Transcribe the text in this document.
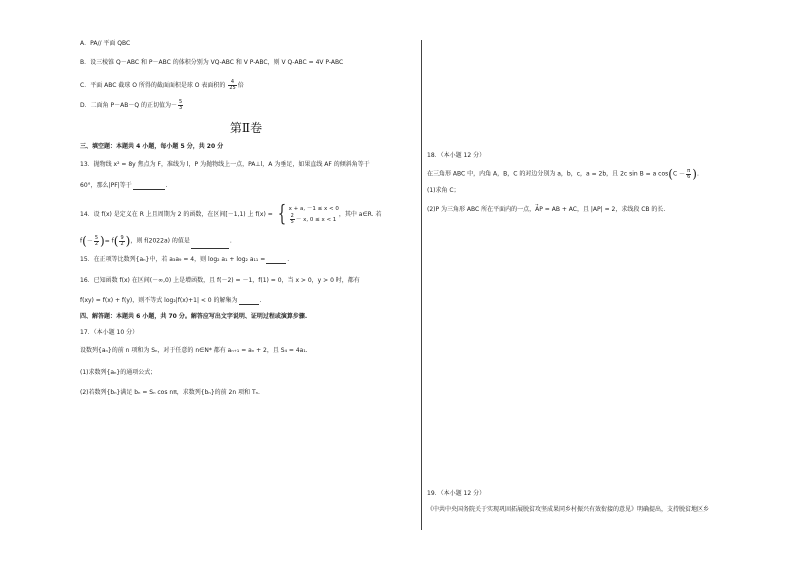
A．PA// 平面 QBC
B．设三棱锥 Q－ABC 和 P－ABC 的体积分别为 VQ-ABC 和 V P-ABC，则 V Q-ABC = 4V P-ABC
C．平面 ABC 截球 O 所得的截面面积是球 O 表面积的 $\frac{4}{25}$ 倍
D．二面角 P－AB－Q 的正切值为－ $\frac{5}{3}$
第Ⅱ卷
三、填空题：本题共 4 小题，每小题 5 分，共 20 分
13．抛物线 x² = 8y 焦点为 F，准线为 l，P 为抛物线上一点，PA⊥l，A 为垂足，如果直线 AF 的倾斜角等于
60°，那么|PF|等于	.
14．设 f(x) 是定义在 R 上且周期为 2 的函数，在区间[－1,1) 上 f(x) = { x + a, －1 ≤ x < 0
$\frac{2}{5} - x$, 0 ≤ x < 1
，其中 a∈R. 若
$f(- \frac{5}{2}$ )= $f( \frac{9}{2}$ )，则 f(2022a) 的值是	.
15．在正项等比数列{aₙ}中，若 a₃a₉ = 4，则 log₂ a₁ + log₂ a₁₁ =	.
16．已知函数 f(x) 在区间(－∞,0) 上是增函数，且 f(－2) = －1，f(1) = 0，当 x > 0，y > 0 时，都有
f(xy) = f(x) + f(y)，则不等式 log₂|f(x)+1| < 0 的解集为	.
四、解答题：本题共 6 小题，共 70 分。解答应写出文字说明、证明过程或演算步骤.
17．（本小题 10 分）
设数列{aₙ}的前 n 项和为 Sₙ，对于任意的 n∈N* 都有 aₙ₊₁ = aₙ + 2，且 S₄ = 4a₁.
(1)求数列{aₙ}的通项公式；
(2)若数列{bₙ}满足 bₙ = Sₙ cos nπ，求数列{bₙ}的前 2n 项和 Tₙ.
18．（本小题 12 分）
在三角形 ABC 中，内角 A，B，C 的对边分别为 a，b，c，a = 2b，且 2c sin B = a $\cos(C - \frac{\pi}{6}$ ).
(1)求角 C；
(2)P 为三角形 ABC 所在平面内的一点，→ AP = AB + AC，且 |AP| = 2，求线段 CB 的长.
19．（本小题 12 分）
《中共中央国务院关于实现巩固拓展脱贫攻坚成果同乡村振兴有效衔接的意见》明确提出，支持脱贫地区乡
